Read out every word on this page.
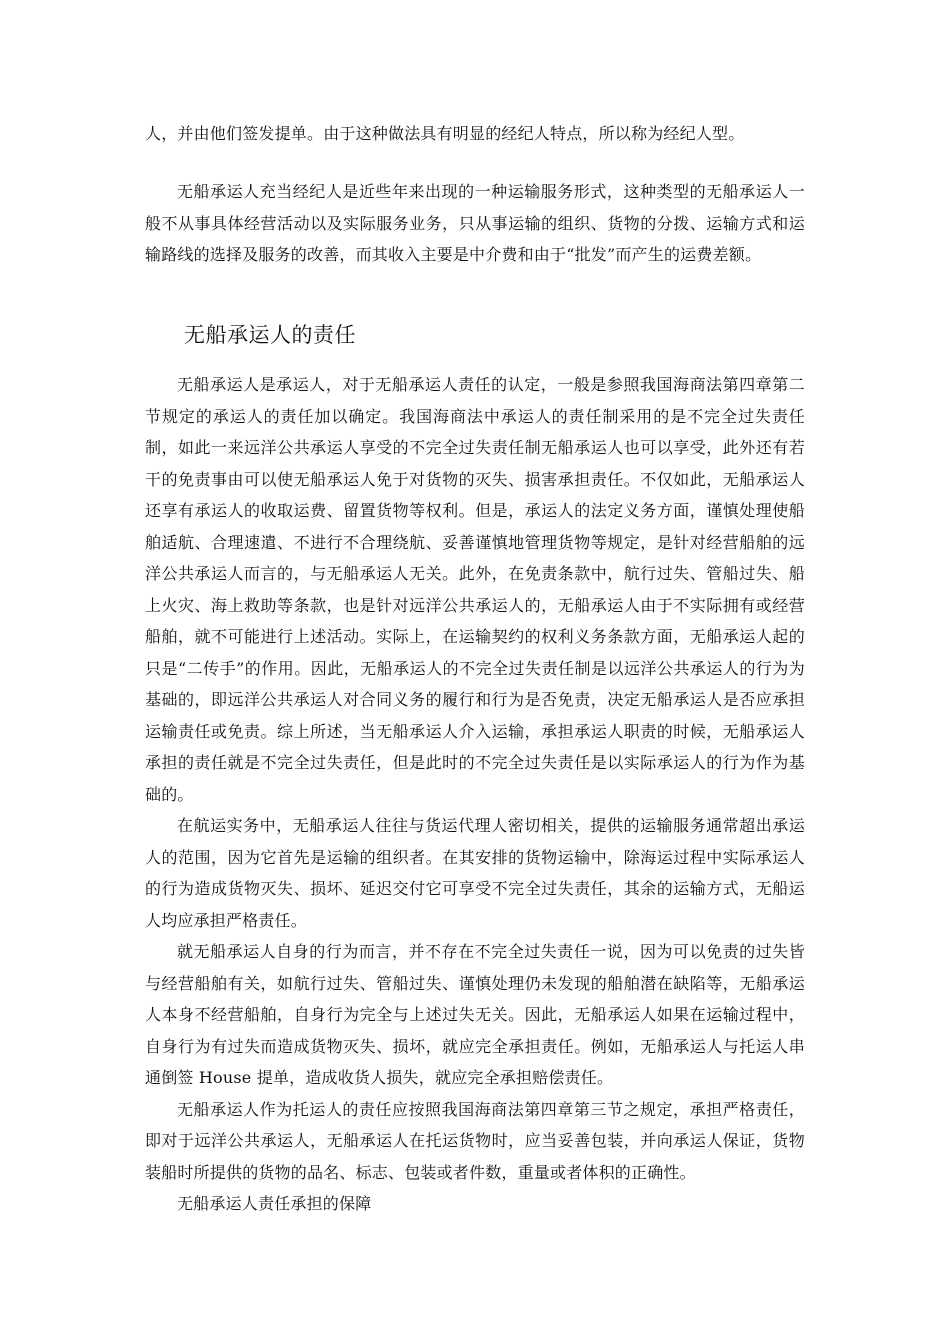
人，并由他们签发提单。由于这种做法具有明显的经纪人特点，所以称为经纪人型。

无船承运人充当经纪人是近些年来出现的一种运输服务形式，这种类型的无船承运人一般不从事具体经营活动以及实际服务业务，只从事运输的组织、货物的分拨、运输方式和运输路线的选择及服务的改善，而其收入主要是中介费和由于“批发”而产生的运费差额。

无船承运人的责任

无船承运人是承运人，对于无船承运人责任的认定，一般是参照我国海商法第四章第二节规定的承运人的责任加以确定。我国海商法中承运人的责任制采用的是不完全过失责任制，如此一来远洋公共承运人享受的不完全过失责任制无船承运人也可以享受，此外还有若干的免责事由可以使无船承运人免于对货物的灭失、损害承担责任。不仅如此，无船承运人还享有承运人的收取运费、留置货物等权利。但是，承运人的法定义务方面，谨慎处理使船舶适航、合理速遣、不进行不合理绕航、妥善谨慎地管理货物等规定，是针对经营船舶的远洋公共承运人而言的，与无船承运人无关。此外，在免责条款中，航行过失、管船过失、船上火灾、海上救助等条款，也是针对远洋公共承运人的，无船承运人由于不实际拥有或经营船舶，就不可能进行上述活动。实际上，在运输契约的权利义务条款方面，无船承运人起的只是“二传手”的作用。因此，无船承运人的不完全过失责任制是以远洋公共承运人的行为为基础的，即远洋公共承运人对合同义务的履行和行为是否免责，决定无船承运人是否应承担运输责任或免责。综上所述，当无船承运人介入运输，承担承运人职责的时候，无船承运人承担的责任就是不完全过失责任，但是此时的不完全过失责任是以实际承运人的行为作为基础的。

在航运实务中，无船承运人往往与货运代理人密切相关，提供的运输服务通常超出承运人的范围，因为它首先是运输的组织者。在其安排的货物运输中，除海运过程中实际承运人的行为造成货物灭失、损坏、延迟交付它可享受不完全过失责任，其余的运输方式，无船运人均应承担严格责任。

就无船承运人自身的行为而言，并不存在不完全过失责任一说，因为可以免责的过失皆与经营船舶有关，如航行过失、管船过失、谨慎处理仍未发现的船舶潜在缺陷等，无船承运人本身不经营船舶，自身行为完全与上述过失无关。因此，无船承运人如果在运输过程中，自身行为有过失而造成货物灭失、损坏，就应完全承担责任。例如，无船承运人与托运人串通倒签 House 提单，造成收货人损失，就应完全承担赔偿责任。

无船承运人作为托运人的责任应按照我国海商法第四章第三节之规定，承担严格责任，即对于远洋公共承运人，无船承运人在托运货物时，应当妥善包装，并向承运人保证，货物装船时所提供的货物的品名、标志、包装或者件数，重量或者体积的正确性。

无船承运人责任承担的保障
